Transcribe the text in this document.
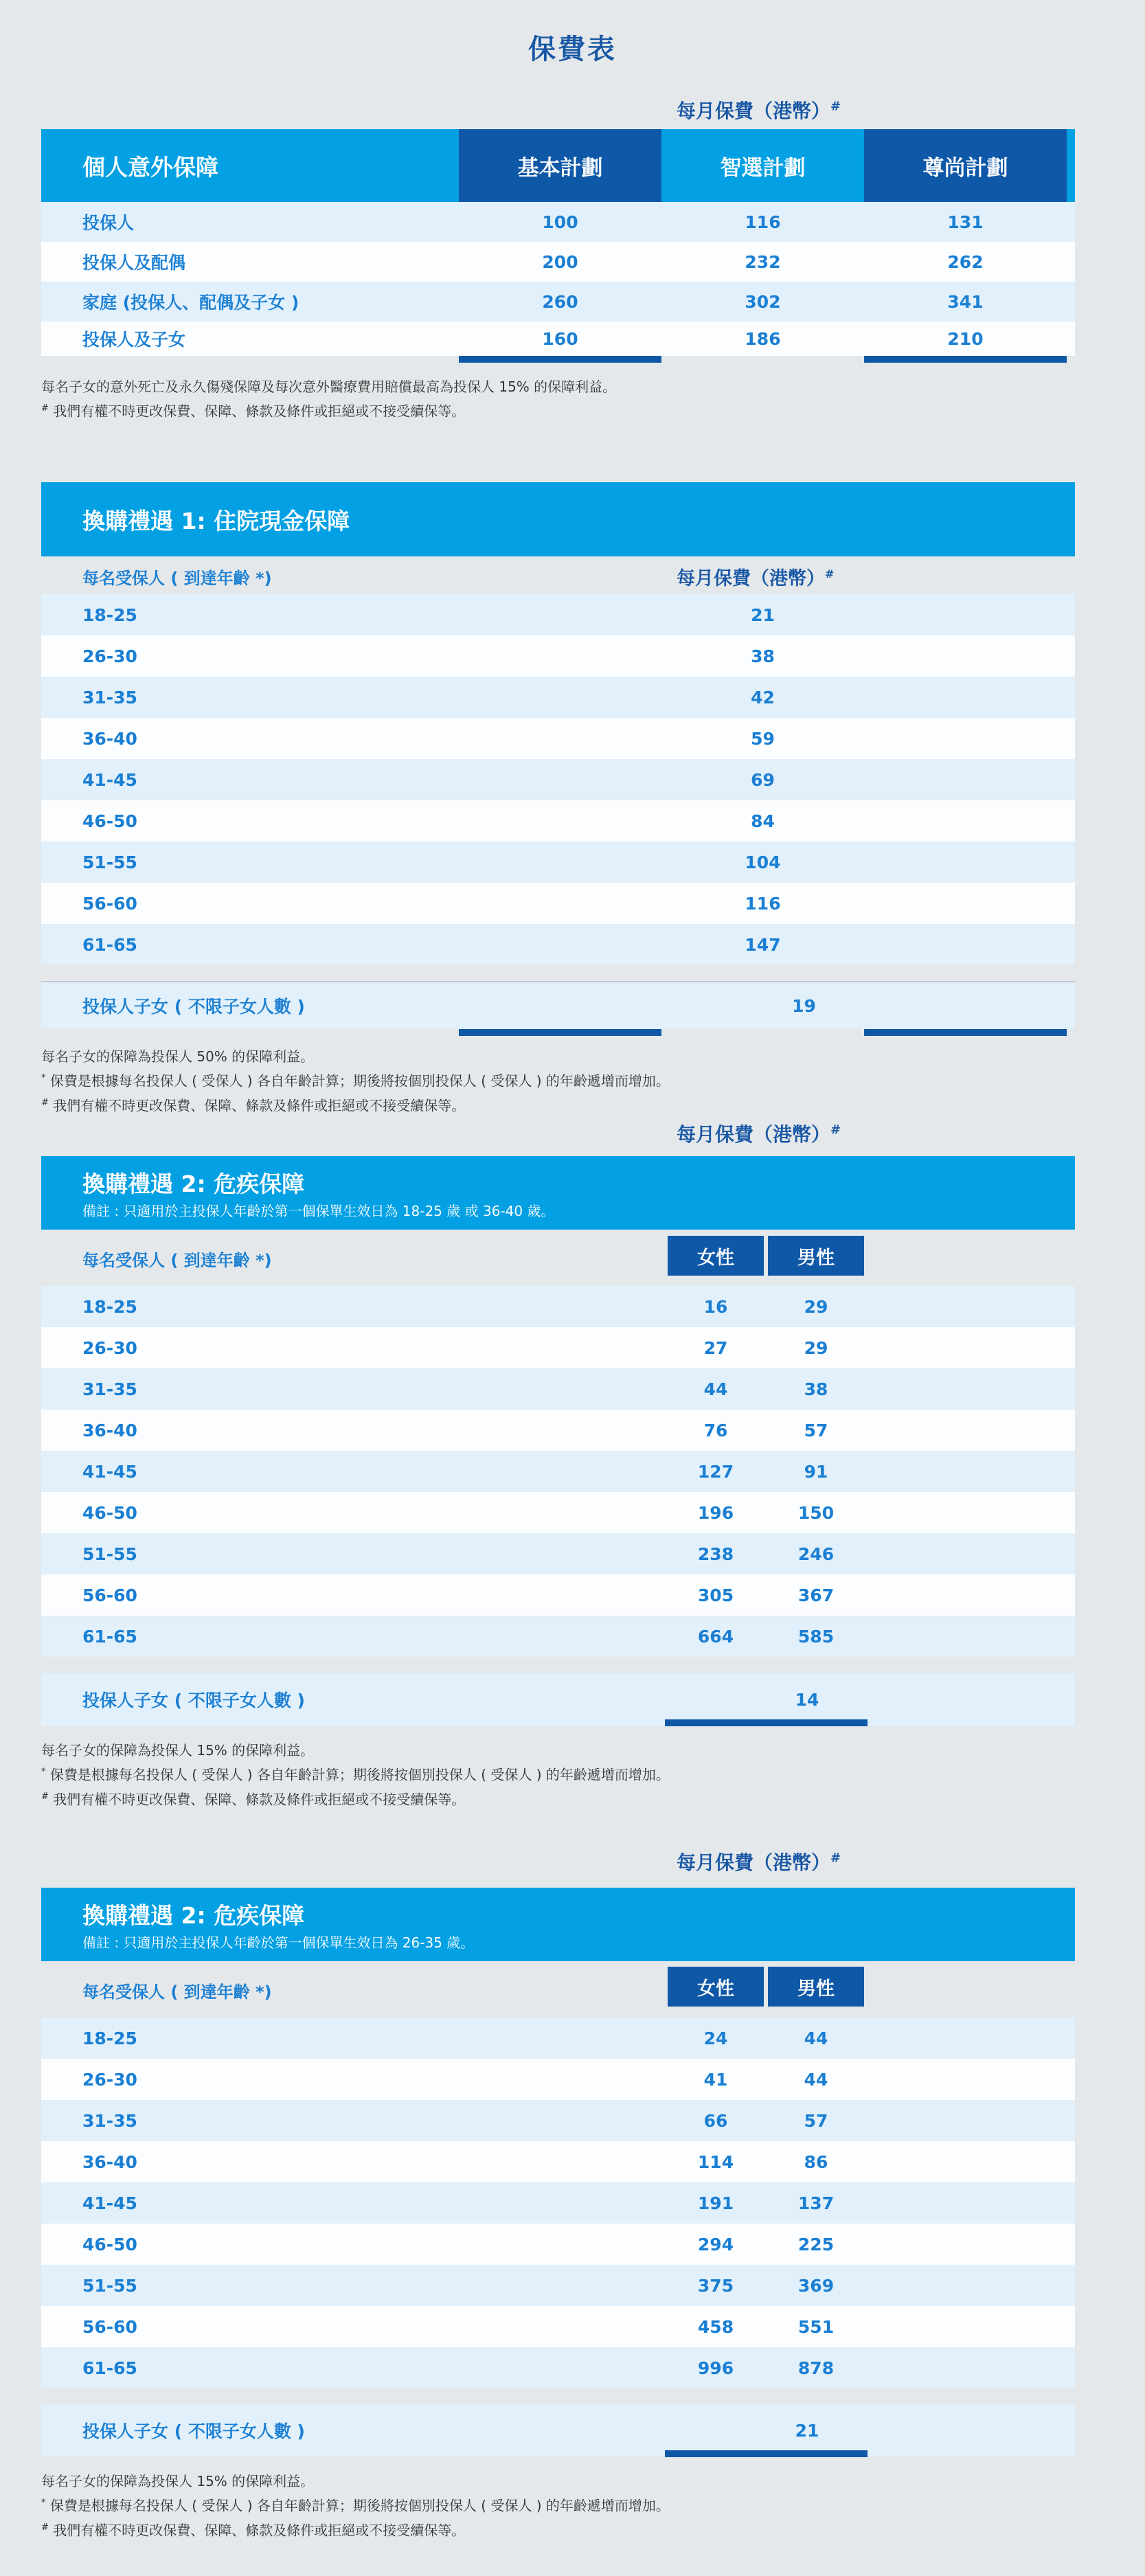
保費表
每月保費（港幣）#
個人意外保障	基本計劃	智選計劃	尊尚計劃
投保人	100	116	131
投保人及配偶	200	232	262
家庭 (投保人、配偶及子女 )	260	302	341
投保人及子女	160	186	210
每名子女的意外死亡及永久傷殘保障及每次意外醫療費用賠償最高為投保人 15% 的保障利益。
# 我們有權不時更改保費、保障、條款及條件或拒絕或不接受續保等。
換購禮遇 1: 住院現金保障
每名受保人 ( 到達年齡 *)	每月保費（港幣）#
18-25	21
26-30	38
31-35	42
36-40	59
41-45	69
46-50	84
51-55	104
56-60	116
61-65	147
投保人子女 ( 不限子女人數 )	19
每名子女的保障為投保人 50% 的保障利益。
* 保費是根據每名投保人 ( 受保人 ) 各自年齡計算；期後將按個別投保人 ( 受保人 ) 的年齡遞增而增加。
# 我們有權不時更改保費、保障、條款及條件或拒絕或不接受續保等。
每月保費（港幣）#
換購禮遇 2: 危疾保障
備註 : 只適用於主投保人年齡於第一個保單生效日為 18-25 歲 或 36-40 歲。
每名受保人 ( 到達年齡 *)	女性	男性
18-25	16	29
26-30	27	29
31-35	44	38
36-40	76	57
41-45	127	91
46-50	196	150
51-55	238	246
56-60	305	367
61-65	664	585
投保人子女 ( 不限子女人數 )	14
每名子女的保障為投保人 15% 的保障利益。
* 保費是根據每名投保人 ( 受保人 ) 各自年齡計算；期後將按個別投保人 ( 受保人 ) 的年齡遞增而增加。
# 我們有權不時更改保費、保障、條款及條件或拒絕或不接受續保等。
每月保費（港幣）#
換購禮遇 2: 危疾保障
備註 : 只適用於主投保人年齡於第一個保單生效日為 26-35 歲。
每名受保人 ( 到達年齡 *)	女性	男性
18-25	24	44
26-30	41	44
31-35	66	57
36-40	114	86
41-45	191	137
46-50	294	225
51-55	375	369
56-60	458	551
61-65	996	878
投保人子女 ( 不限子女人數 )	21
每名子女的保障為投保人 15% 的保障利益。
* 保費是根據每名投保人 ( 受保人 ) 各自年齡計算；期後將按個別投保人 ( 受保人 ) 的年齡遞增而增加。
# 我們有權不時更改保費、保障、條款及條件或拒絕或不接受續保等。
